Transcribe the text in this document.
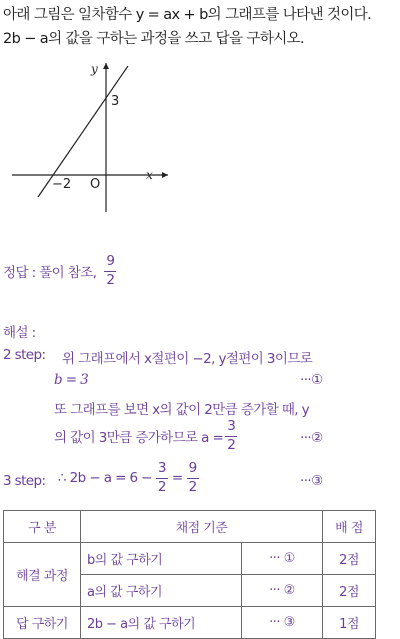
아래 그림은 일차함수 y = ax + b의 그래프를 나타낸 것이다.
2b − a의 값을 구하는 과정을 쓰고 답을 구하시오.
y
x
O
3
−2
정답 : 풀이 참조, $\frac{9}{2}$
해설 :
2 step: 위 그래프에서 x절편이 −2, y절편이 3이므로
b = 3	···①
또 그래프를 보면 x의 값이 2만큼 증가할 때, y
의 값이 3만큼 증가하므로 $a = \frac{3}{2}$	···②
3 step: ∴ $2b - a = 6 - \frac{3}{2} = \frac{9}{2}$	···③
구 분	채점 기준		배 점
해결 과정	b의 값 구하기	··· ①	2점
	a의 값 구하기	··· ②	2점
답 구하기	2b − a의 값 구하기	··· ③	1점
